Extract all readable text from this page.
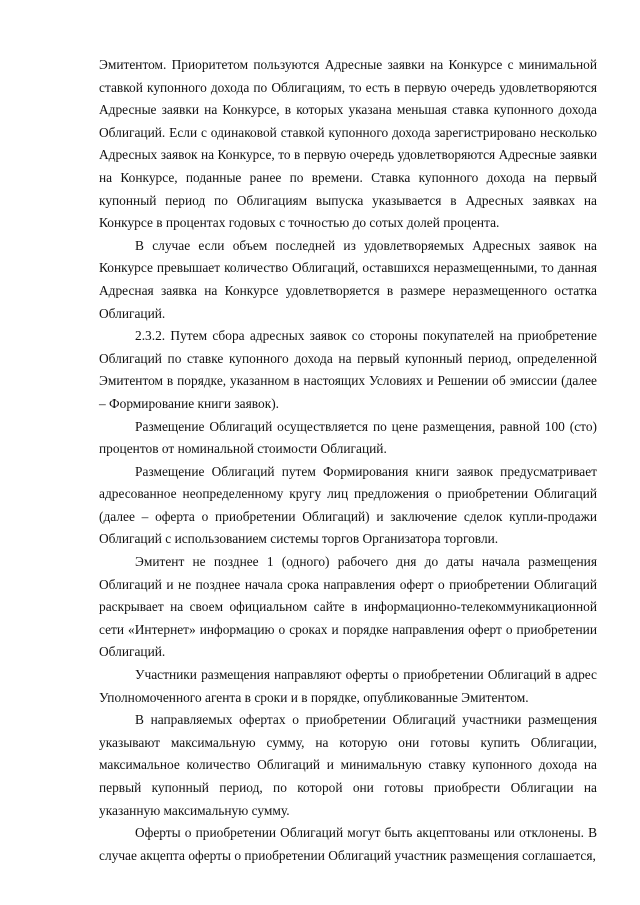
Эмитентом. Приоритетом пользуются Адресные заявки на Конкурсе с минимальной ставкой купонного дохода по Облигациям, то есть в первую очередь удовлетворяются Адресные заявки на Конкурсе, в которых указана меньшая ставка купонного дохода Облигаций. Если с одинаковой ставкой купонного дохода зарегистрировано несколько Адресных заявок на Конкурсе, то в первую очередь удовлетворяются Адресные заявки на Конкурсе, поданные ранее по времени. Ставка купонного дохода на первый купонный период по Облигациям выпуска указывается в Адресных заявках на Конкурсе в процентах годовых с точностью до сотых долей процента.

В случае если объем последней из удовлетворяемых Адресных заявок на Конкурсе превышает количество Облигаций, оставшихся неразмещенными, то данная Адресная заявка на Конкурсе удовлетворяется в размере неразмещенного остатка Облигаций.

2.3.2. Путем сбора адресных заявок со стороны покупателей на приобретение Облигаций по ставке купонного дохода на первый купонный период, определенной Эмитентом в порядке, указанном в настоящих Условиях и Решении об эмиссии (далее – Формирование книги заявок).

Размещение Облигаций осуществляется по цене размещения, равной 100 (сто) процентов от номинальной стоимости Облигаций.

Размещение Облигаций путем Формирования книги заявок предусматривает адресованное неопределенному кругу лиц предложения о приобретении Облигаций (далее – оферта о приобретении Облигаций) и заключение сделок купли-продажи Облигаций с использованием системы торгов Организатора торговли.

Эмитент не позднее 1 (одного) рабочего дня до даты начала размещения Облигаций и не позднее начала срока направления оферт о приобретении Облигаций раскрывает на своем официальном сайте в информационно-телекоммуникационной сети «Интернет» информацию о сроках и порядке направления оферт о приобретении Облигаций.

Участники размещения направляют оферты о приобретении Облигаций в адрес Уполномоченного агента в сроки и в порядке, опубликованные Эмитентом.

В направляемых офертах о приобретении Облигаций участники размещения указывают максимальную сумму, на которую они готовы купить Облигации, максимальное количество Облигаций и минимальную ставку купонного дохода на первый купонный период, по которой они готовы приобрести Облигации на указанную максимальную сумму.

Оферты о приобретении Облигаций могут быть акцептованы или отклонены. В случае акцепта оферты о приобретении Облигаций участник размещения соглашается,
